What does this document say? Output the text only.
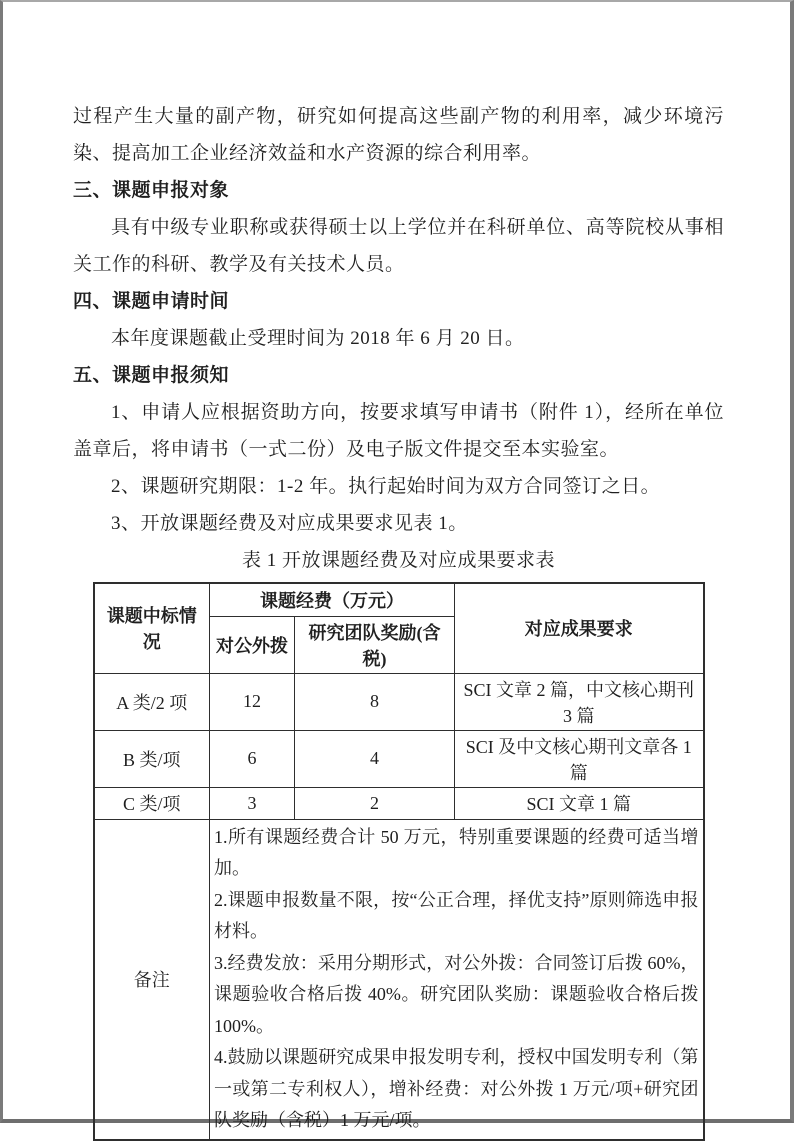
过程产生大量的副产物，研究如何提高这些副产物的利用率，减少环境污染、提高加工企业经济效益和水产资源的综合利用率。

三、课题申报对象

具有中级专业职称或获得硕士以上学位并在科研单位、高等院校从事相关工作的科研、教学及有关技术人员。

四、课题申请时间

本年度课题截止受理时间为 2018 年 6 月 20 日。

五、课题申报须知

1、申请人应根据资助方向，按要求填写申请书（附件 1），经所在单位盖章后，将申请书（一式二份）及电子版文件提交至本实验室。

2、课题研究期限：1-2 年。执行起始时间为双方合同签订之日。

3、开放课题经费及对应成果要求见表 1。

表 1 开放课题经费及对应成果要求表

课题中标情况	课题经费（万元）		对应成果要求
	对公外拨	研究团队奖励(含税)	
A 类/2 项	12	8	SCI 文章 2 篇，中文核心期刊 3 篇
B 类/项	6	4	SCI 及中文核心期刊文章各 1 篇
C 类/项	3	2	SCI 文章 1 篇
备注	1.所有课题经费合计 50 万元，特别重要课题的经费可适当增加。

2.课题申报数量不限，按“公正合理，择优支持”原则筛选申报材料。

3.经费发放：采用分期形式，对公外拨：合同签订后拨 60%，课题验收合格后拨 40%。研究团队奖励：课题验收合格后拨 100%。

4.鼓励以课题研究成果申报发明专利，授权中国发明专利（第一或第二专利权人），增补经费：对公外拨 1 万元/项+研究团队奖励（含税）1 万元/项。		
